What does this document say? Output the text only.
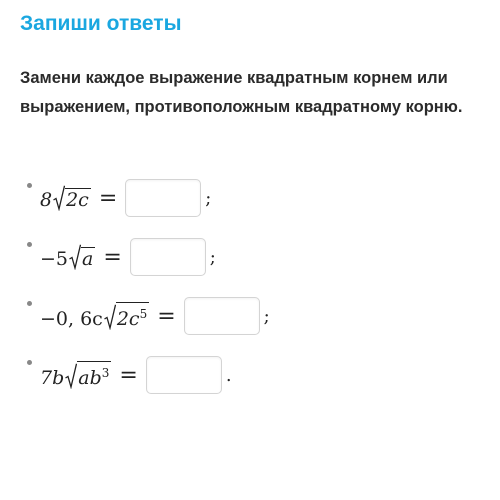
Запиши ответы

Замени каждое выражение квадратным корнем или выражением, противоположным квадратному корню.

8 2c =	;
−5 a =	;
−0, 6c $2c^5$ =	;
7b $ab^3$ =	.
